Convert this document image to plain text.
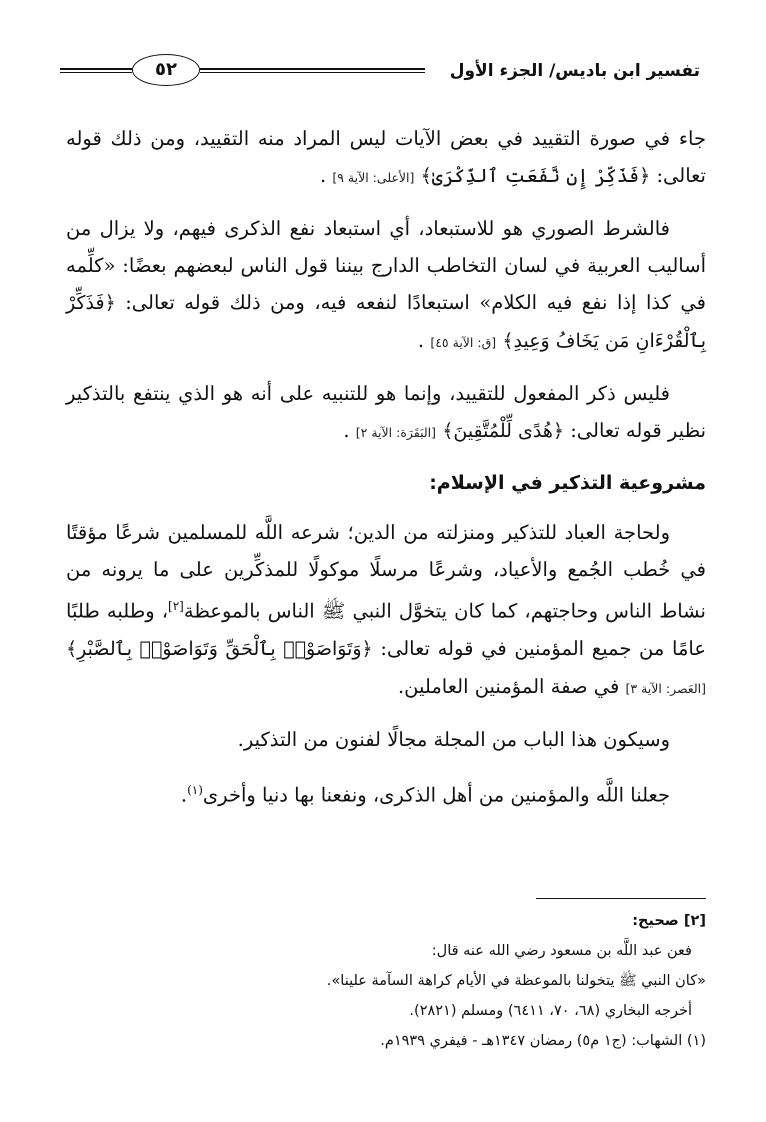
تفسير ابن باديس/ الجزء الأول
٥٢

جاء في صورة التقييد في بعض الآيات ليس المراد منه التقييد، ومن ذلك قوله تعالى: ﴿فَذَكِّرْ إِن نَّفَعَتِ ٱلذِّكْرَىٰ﴾ [الأعلى: الآية ٩] .

فالشرط الصوري هو للاستبعاد، أي استبعاد نفع الذكرى فيهم، ولا يزال من أساليب العربية في لسان التخاطب الدارج بيننا قول الناس لبعضهم بعضًا: «كلِّمه في كذا إذا نفع فيه الكلام» استبعادًا لنفعه فيه، ومن ذلك قوله تعالى: ﴿فَذَكِّرْ بِٱلْقُرْءَانِ مَن يَخَافُ وَعِيدِ﴾ [ق: الآية ٤٥] .

فليس ذكر المفعول للتقييد، وإنما هو للتنبيه على أنه هو الذي ينتفع بالتذكير نظير قوله تعالى: ﴿هُدًى لِّلْمُتَّقِينَ﴾ [البَقَرَة: الآية ٢] .

مشروعية التذكير في الإسلام:

ولحاجة العباد للتذكير ومنزلته من الدين؛ شرعه اللَّه للمسلمين شرعًا مؤقتًا في خُطب الجُمع والأعياد، وشرعًا مرسلًا موكولًا للمذكِّرين على ما يرونه من نشاط الناس وحاجتهم، كما كان يتخوَّل النبي ﷺ الناس بالموعظة[٢]، وطلبه طلبًا عامًا من جميع المؤمنين في قوله تعالى: ﴿وَتَوَاصَوْا۟ بِٱلْحَقِّ وَتَوَاصَوْا۟ بِٱلصَّبْرِ﴾ [العَصر: الآية ٣] في صفة المؤمنين العاملين.

وسيكون هذا الباب من المجلة مجالًا لفنون من التذكير.

جعلنا اللَّه والمؤمنين من أهل الذكرى، ونفعنا بها دنيا وأخرى$^{(١)}$.

[٢] صحيح:
فعن عبد اللَّه بن مسعود رضي الله عنه قال:
«كان النبي ﷺ يتخولنا بالموعظة في الأيام كراهة السآمة علينا».
أخرجه البخاري (٦٨، ٧٠، ٦٤١١) ومسلم (٢٨٢١).
(١) الشهاب: (ج١ م٥) رمضان ١٣٤٧هـ - فيفري ١٩٣٩م.
